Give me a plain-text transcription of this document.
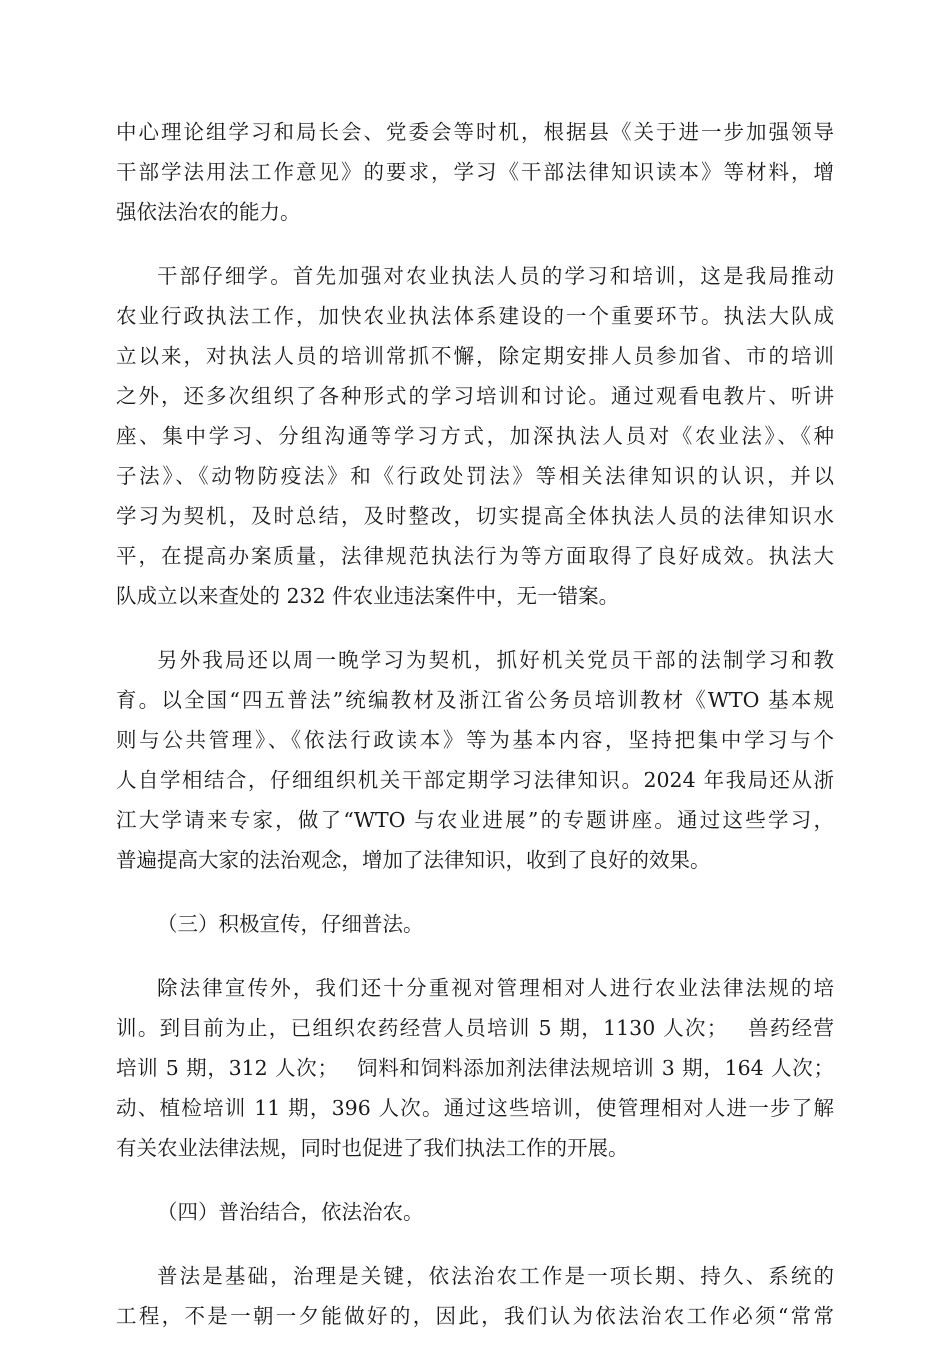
中心理论组学习和局长会、党委会等时机，根据县《关于进一步加强领导
干部学法用法工作意见》的要求，学习《干部法律知识读本》等材料，增
强依法治农的能力。

干部仔细学。首先加强对农业执法人员的学习和培训，这是我局推动
农业行政执法工作，加快农业执法体系建设的一个重要环节。执法大队成
立以来，对执法人员的培训常抓不懈，除定期安排人员参加省、市的培训
之外，还多次组织了各种形式的学习培训和讨论。通过观看电教片、听讲
座、集中学习、分组沟通等学习方式，加深执法人员对《农业法》、《种
子法》、《动物防疫法》和《行政处罚法》等相关法律知识的认识，并以
学习为契机，及时总结，及时整改，切实提高全体执法人员的法律知识水
平，在提高办案质量，法律规范执法行为等方面取得了良好成效。执法大
队成立以来查处的 232 件农业违法案件中，无一错案。

另外我局还以周一晚学习为契机，抓好机关党员干部的法制学习和教
育。以全国“四五普法”统编教材及浙江省公务员培训教材《WTO 基本规
则与公共管理》、《依法行政读本》等为基本内容，坚持把集中学习与个
人自学相结合，仔细组织机关干部定期学习法律知识。2024 年我局还从浙
江大学请来专家，做了“WTO 与农业进展”的专题讲座。通过这些学习，
普遍提高大家的法治观念，增加了法律知识，收到了良好的效果。

（三）积极宣传，仔细普法。

除法律宣传外，我们还十分重视对管理相对人进行农业法律法规的培
训。到目前为止，已组织农药经营人员培训 5 期，1130 人次；　 兽药经营
培训 5 期，312 人次；　 饲料和饲料添加剂法律法规培训 3 期，164 人次；
动、植检培训 11 期，396 人次。通过这些培训，使管理相对人进一步了解
有关农业法律法规，同时也促进了我们执法工作的开展。

（四）普治结合，依法治农。

普法是基础，治理是关键，依法治农工作是一项长期、持久、系统的
工程，不是一朝一夕能做好的，因此，我们认为依法治农工作必须“常常
